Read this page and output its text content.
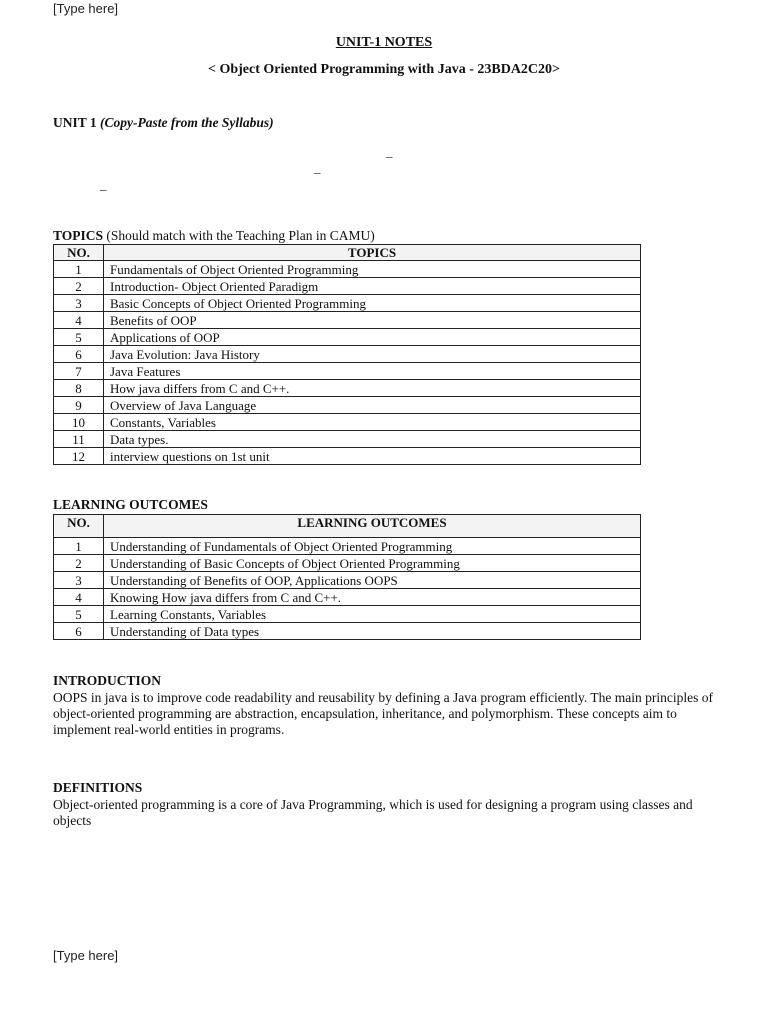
[Type here]
UNIT-1 NOTES
< Object Oriented Programming with Java - 23BDA2C20>
UNIT 1 (Copy-Paste from the Syllabus)
_
_
_
TOPICS (Should match with the Teaching Plan in CAMU)
NO.	TOPICS
1	Fundamentals of Object Oriented Programming
2	Introduction- Object Oriented Paradigm
3	Basic Concepts of Object Oriented Programming
4	Benefits of OOP
5	Applications of OOP
6	Java Evolution: Java History
7	Java Features
8	How java differs from C and C++.
9	Overview of Java Language
10	Constants, Variables
11	Data types.
12	interview questions on 1st unit
LEARNING OUTCOMES
NO.	LEARNING OUTCOMES
1	Understanding of Fundamentals of Object Oriented Programming
2	Understanding of Basic Concepts of Object Oriented Programming
3	Understanding of Benefits of OOP, Applications OOPS
4	Knowing How java differs from C and C++.
5	Learning Constants, Variables
6	Understanding of Data types
INTRODUCTION
OOPS in java is to improve code readability and reusability by defining a Java program efficiently. The main principles of object-oriented programming are abstraction, encapsulation, inheritance, and polymorphism. These concepts aim to implement real-world entities in programs.
DEFINITIONS
Object-oriented programming is a core of Java Programming, which is used for designing a program using classes and objects
[Type here]
